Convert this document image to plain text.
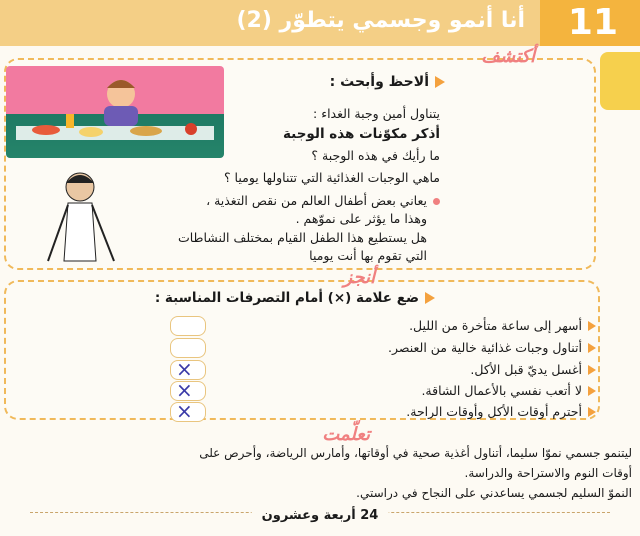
أنا أنمو وجسمي يتطوّر (2) 11
أكتشف
ألاحظ وأبحث :
يتناول أمين وجبة الغداء :
أذكر مكوّنات هذه الوجبة
ما رأيك في هذه الوجبة ؟
ماهي الوجبات الغذائية التي تتناولها يوميا ؟
يعاني بعض أطفال العالم من نقص التغذية ،
وهذا ما يؤثر على نموّهم .
هل يستطيع هذا الطفل القيام بمختلف النشاطات
التي تقوم بها أنت يوميا
أنجز
ضع علامة (×) أمام التصرفات المناسبة :
أسهر إلى ساعة متأخرة من الليل.
أتناول وجبات غذائية خالية من العنصر.
×	أغسل يديّ قبل الأكل.
×	لا أتعب نفسي بالأعمال الشاقة.
×	أحترم أوقات الأكل وأوقات الراحة.
تعلّمت
ليتنمو جسمي نموّا سليما، أتناول أغذية صحية في أوقاتها، وأمارس الرياضة، وأحرص على
أوقات النوم والاستراحة والدراسة.
النموّ السليم لجسمي يساعدني على النجاح في دراستي.
24 أربعة وعشرون
